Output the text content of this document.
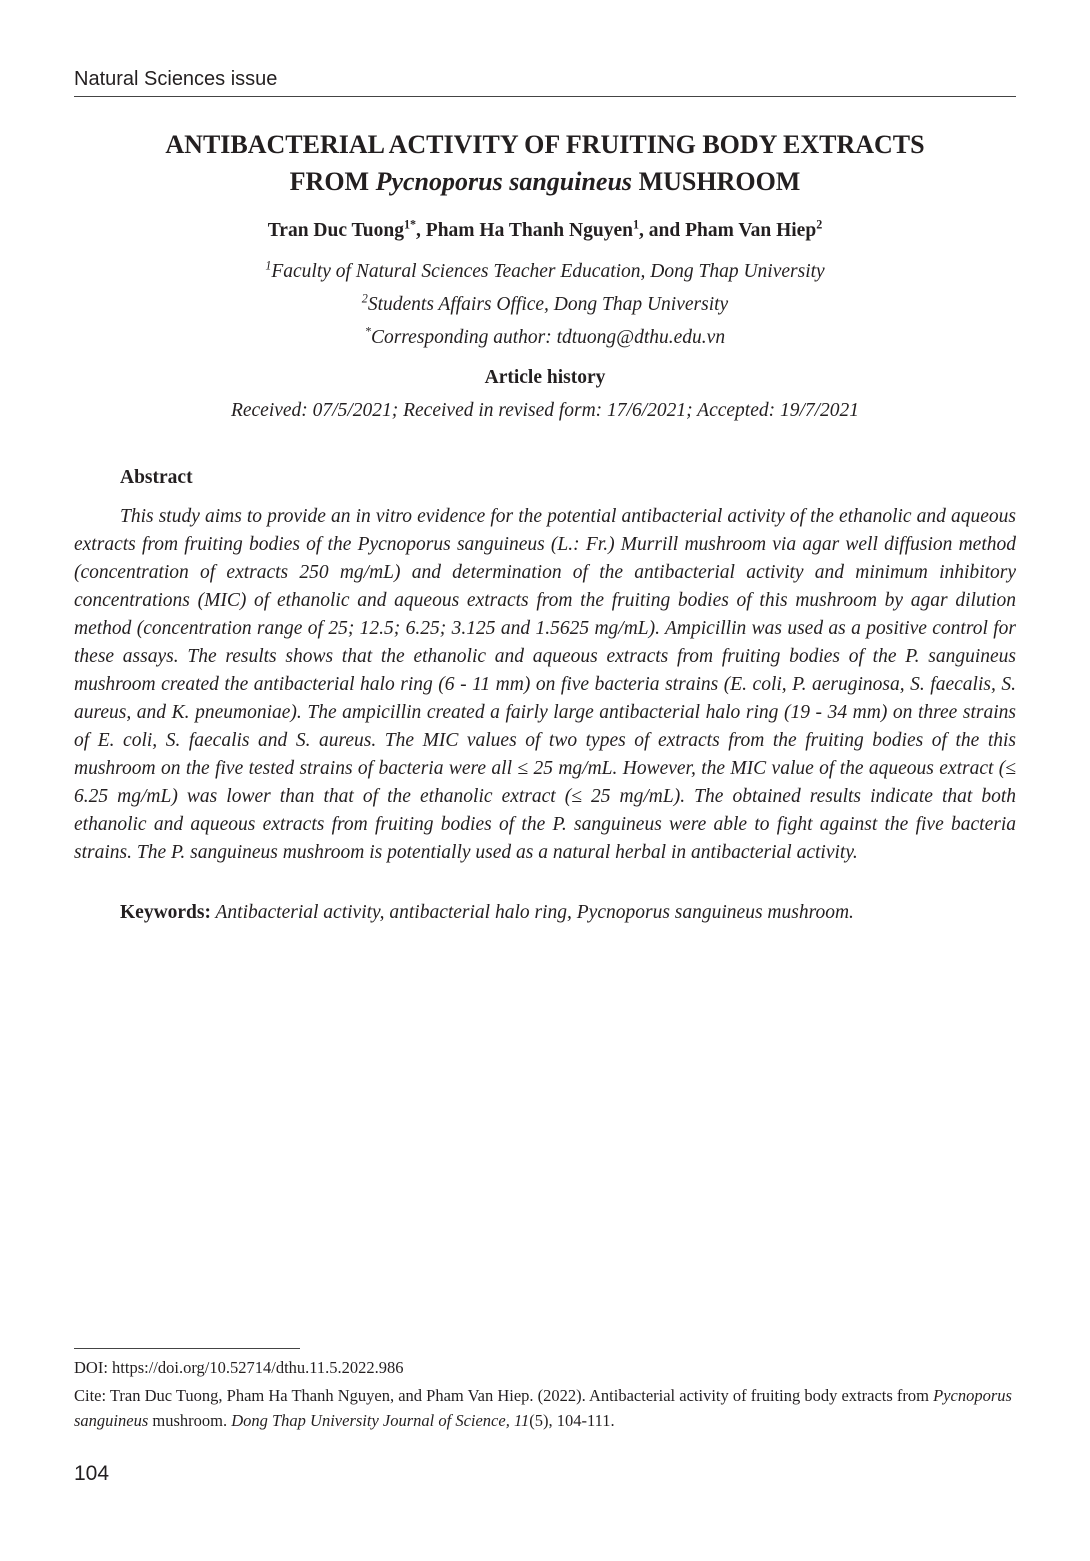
Natural Sciences issue
ANTIBACTERIAL ACTIVITY OF FRUITING BODY EXTRACTS
FROM Pycnoporus sanguineus MUSHROOM
Tran Duc Tuong$^{1*}$, Pham Ha Thanh Nguyen$^1$, and Pham Van Hiep$^2$
$^1$Faculty of Natural Sciences Teacher Education, Dong Thap University
$^2$Students Affairs Office, Dong Thap University
*Corresponding author: tdtuong@dthu.edu.vn
Article history
Received: 07/5/2021; Received in revised form: 17/6/2021; Accepted: 19/7/2021
Abstract

This study aims to provide an in vitro evidence for the potential antibacterial activity of the ethanolic and aqueous extracts from fruiting bodies of the Pycnoporus sanguineus (L.: Fr.) Murrill mushroom via agar well diffusion method (concentration of extracts 250 mg/mL) and determination of the antibacterial activity and minimum inhibitory concentrations (MIC) of ethanolic and aqueous extracts from the fruiting bodies of this mushroom by agar dilution method (concentration range of 25; 12.5; 6.25; 3.125 and 1.5625 mg/mL). Ampicillin was used as a positive control for these assays. The results shows that the ethanolic and aqueous extracts from fruiting bodies of the P. sanguineus mushroom created the antibacterial halo ring (6 - 11 mm) on five bacteria strains (E. coli, P. aeruginosa, S. faecalis, S. aureus, and K. pneumoniae). The ampicillin created a fairly large antibacterial halo ring (19 - 34 mm) on three strains of E. coli, S. faecalis and S. aureus. The MIC values of two types of extracts from the fruiting bodies of the this mushroom on the five tested strains of bacteria were all ≤ 25 mg/mL. However, the MIC value of the aqueous extract (≤ 6.25 mg/mL) was lower than that of the ethanolic extract (≤ 25 mg/mL). The obtained results indicate that both ethanolic and aqueous extracts from fruiting bodies of the P. sanguineus were able to fight against the five bacteria strains. The P. sanguineus mushroom is potentially used as a natural herbal in antibacterial activity.

Keywords: Antibacterial activity, antibacterial halo ring, Pycnoporus sanguineus mushroom.

DOI: https://doi.org/10.52714/dthu.11.5.2022.986

Cite: Tran Duc Tuong, Pham Ha Thanh Nguyen, and Pham Van Hiep. (2022). Antibacterial activity of fruiting body extracts from Pycnoporus sanguineus mushroom. Dong Thap University Journal of Science, 11(5), 104-111.

104
